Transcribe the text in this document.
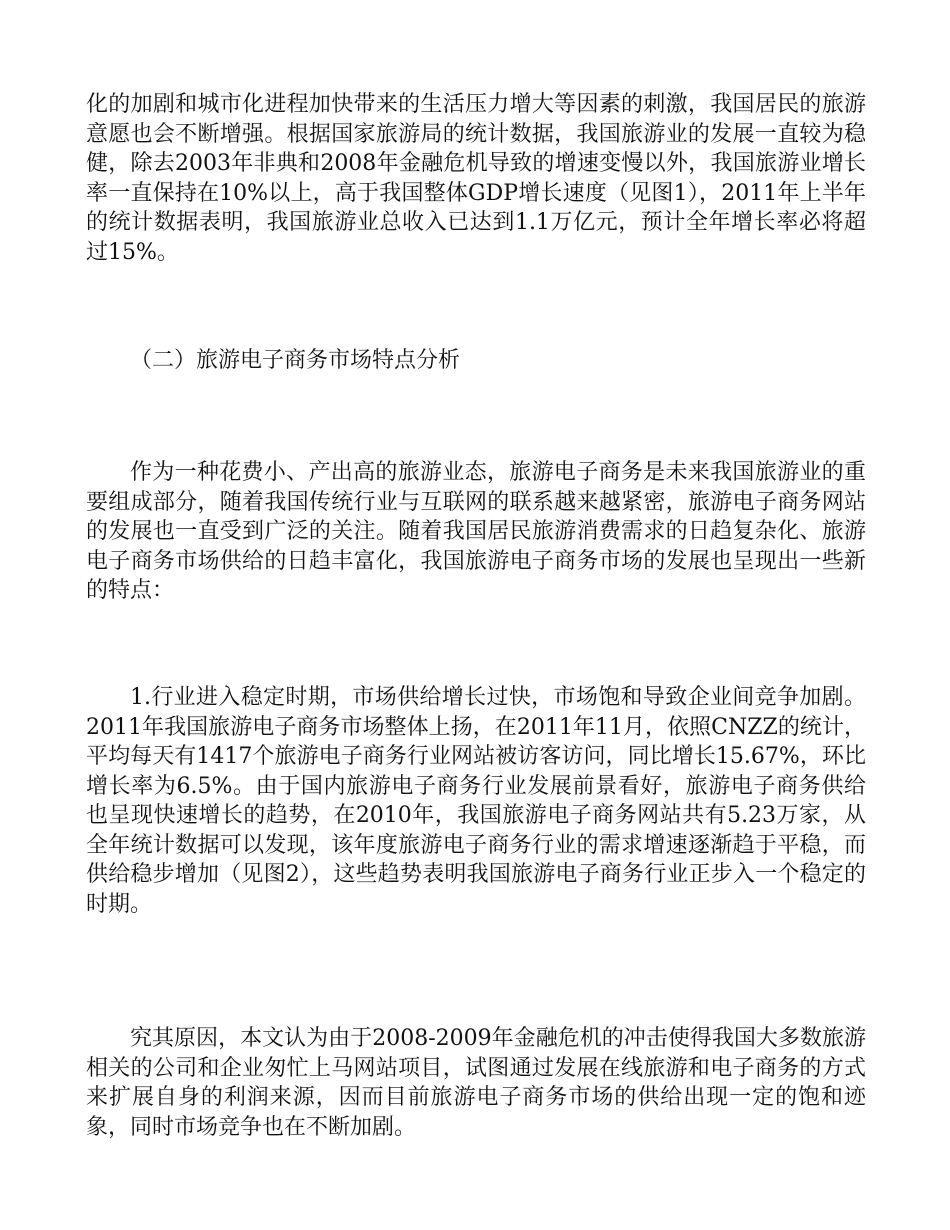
化的加剧和城市化进程加快带来的生活压力增大等因素的刺激，我国居民的旅游意愿也会不断增强。根据国家旅游局的统计数据，我国旅游业的发展一直较为稳健，除去2003年非典和2008年金融危机导致的增速变慢以外，我国旅游业增长率一直保持在10%以上，高于我国整体GDP增长速度（见图1），2011年上半年的统计数据表明，我国旅游业总收入已达到1.1万亿元，预计全年增长率必将超过15%。

（二）旅游电子商务市场特点分析

作为一种花费小、产出高的旅游业态，旅游电子商务是未来我国旅游业的重要组成部分，随着我国传统行业与互联网的联系越来越紧密，旅游电子商务网站的发展也一直受到广泛的关注。随着我国居民旅游消费需求的日趋复杂化、旅游电子商务市场供给的日趋丰富化，我国旅游电子商务市场的发展也呈现出一些新的特点：

1.行业进入稳定时期，市场供给增长过快，市场饱和导致企业间竞争加剧。2011年我国旅游电子商务市场整体上扬，在2011年11月，依照CNZZ的统计，平均每天有1417个旅游电子商务行业网站被访客访问，同比增长15.67%，环比增长率为6.5%。由于国内旅游电子商务行业发展前景看好，旅游电子商务供给也呈现快速增长的趋势，在2010年，我国旅游电子商务网站共有5.23万家，从全年统计数据可以发现，该年度旅游电子商务行业的需求增速逐渐趋于平稳，而供给稳步增加（见图2），这些趋势表明我国旅游电子商务行业正步入一个稳定的时期。

究其原因，本文认为由于2008-2009年金融危机的冲击使得我国大多数旅游相关的公司和企业匆忙上马网站项目，试图通过发展在线旅游和电子商务的方式来扩展自身的利润来源，因而目前旅游电子商务市场的供给出现一定的饱和迹象，同时市场竞争也在不断加剧。
